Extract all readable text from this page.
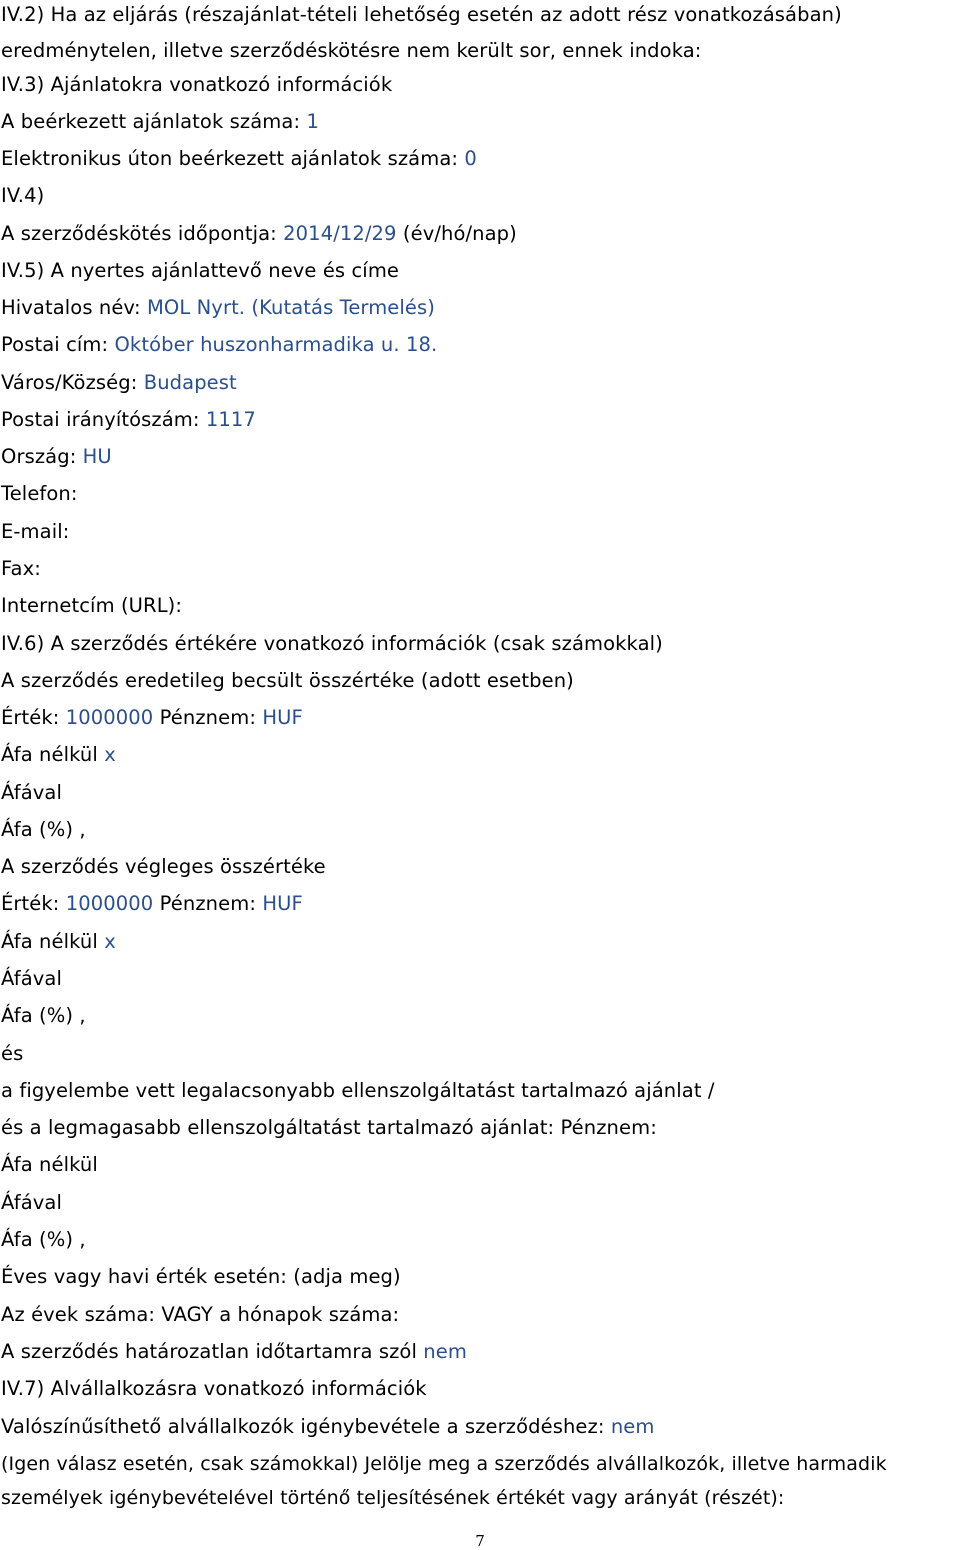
IV.2) Ha az eljárás (részajánlat-tételi lehetőség esetén az adott rész vonatkozásában)
eredménytelen, illetve szerződéskötésre nem került sor, ennek indoka:
IV.3) Ajánlatokra vonatkozó információk
A beérkezett ajánlatok száma: 1
Elektronikus úton beérkezett ajánlatok száma: 0
IV.4)
A szerződéskötés időpontja: 2014/12/29 (év/hó/nap)
IV.5) A nyertes ajánlattevő neve és címe
Hivatalos név: MOL Nyrt. (Kutatás Termelés)
Postai cím: Október huszonharmadika u. 18.
Város/Község: Budapest
Postai irányítószám: 1117
Ország: HU
Telefon:
E-mail:
Fax:
Internetcím (URL):
IV.6) A szerződés értékére vonatkozó információk (csak számokkal)
A szerződés eredetileg becsült összértéke (adott esetben)
Érték: 1000000 Pénznem: HUF
Áfa nélkül x
Áfával
Áfa (%) ,
A szerződés végleges összértéke
Érték: 1000000 Pénznem: HUF
Áfa nélkül x
Áfával
Áfa (%) ,
és
a figyelembe vett legalacsonyabb ellenszolgáltatást tartalmazó ajánlat /
és a legmagasabb ellenszolgáltatást tartalmazó ajánlat: Pénznem:
Áfa nélkül
Áfával
Áfa (%) ,
Éves vagy havi érték esetén: (adja meg)
Az évek száma: VAGY a hónapok száma:
A szerződés határozatlan időtartamra szól nem
IV.7) Alvállalkozásra vonatkozó információk
Valószínűsíthető alvállalkozók igénybevétele a szerződéshez: nem
(Igen válasz esetén, csak számokkal) Jelölje meg a szerződés alvállalkozók, illetve harmadik
személyek igénybevételével történő teljesítésének értékét vagy arányát (részét):
7
